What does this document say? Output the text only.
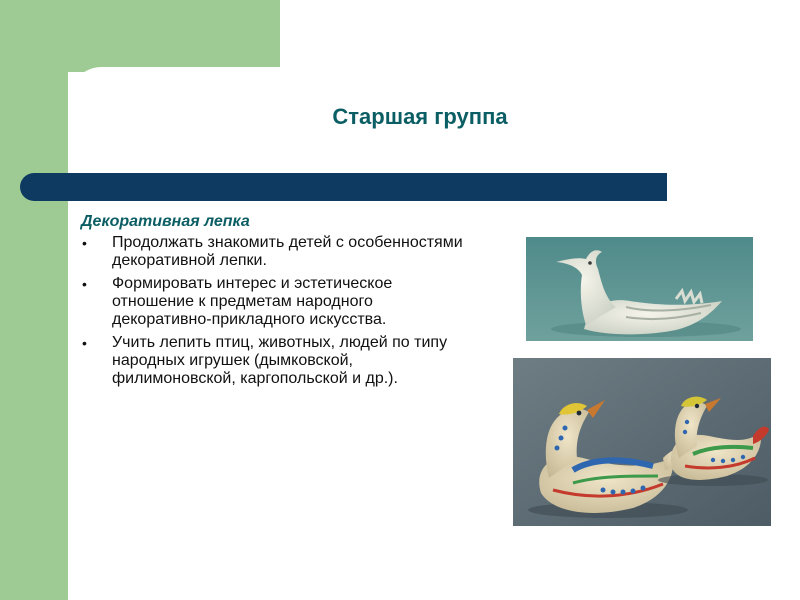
Старшая группа

Декоративная лепка

• Продолжать знакомить детей с особенностями декоративной лепки.
• Формировать интерес и эстетическое отношение к предметам народного декоративно-прикладного искусства.
• Учить лепить птиц, животных, людей по типу народных игрушек (дымковской, филимоновской, каргопольской и др.).
